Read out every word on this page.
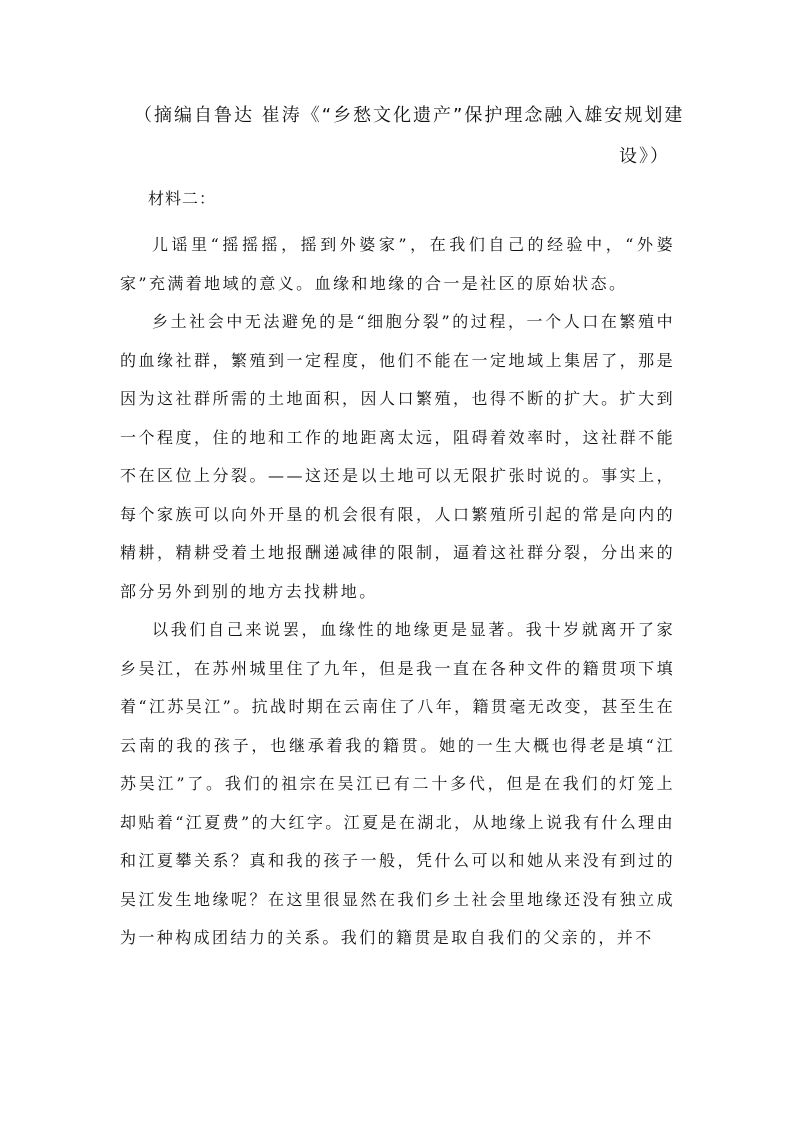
（摘编自鲁达 崔涛《“乡愁文化遗产”保护理念融入雄安规划建
设》）
材料二：

儿谣里“摇摇摇，摇到外婆家”，在我们自己的经验中，“外婆家”充满着地域的意义。血缘和地缘的合一是社区的原始状态。

乡土社会中无法避免的是“细胞分裂”的过程，一个人口在繁殖中的血缘社群，繁殖到一定程度，他们不能在一定地域上集居了，那是因为这社群所需的土地面积，因人口繁殖，也得不断的扩大。扩大到一个程度，住的地和工作的地距离太远，阻碍着效率时，这社群不能不在区位上分裂。——这还是以土地可以无限扩张时说的。事实上，每个家族可以向外开垦的机会很有限，人口繁殖所引起的常是向内的精耕，精耕受着土地报酬递减律的限制，逼着这社群分裂，分出来的部分另外到别的地方去找耕地。

以我们自己来说罢，血缘性的地缘更是显著。我十岁就离开了家乡吴江，在苏州城里住了九年，但是我一直在各种文件的籍贯项下填着“江苏吴江”。抗战时期在云南住了八年，籍贯毫无改变，甚至生在云南的我的孩子，也继承着我的籍贯。她的一生大概也得老是填“江苏吴江”了。我们的祖宗在吴江已有二十多代，但是在我们的灯笼上却贴着“江夏费”的大红字。江夏是在湖北，从地缘上说我有什么理由和江夏攀关系？真和我的孩子一般，凭什么可以和她从来没有到过的吴江发生地缘呢？在这里很显然在我们乡土社会里地缘还没有独立成为一种构成团结力的关系。我们的籍贯是取自我们的父亲的，并不
